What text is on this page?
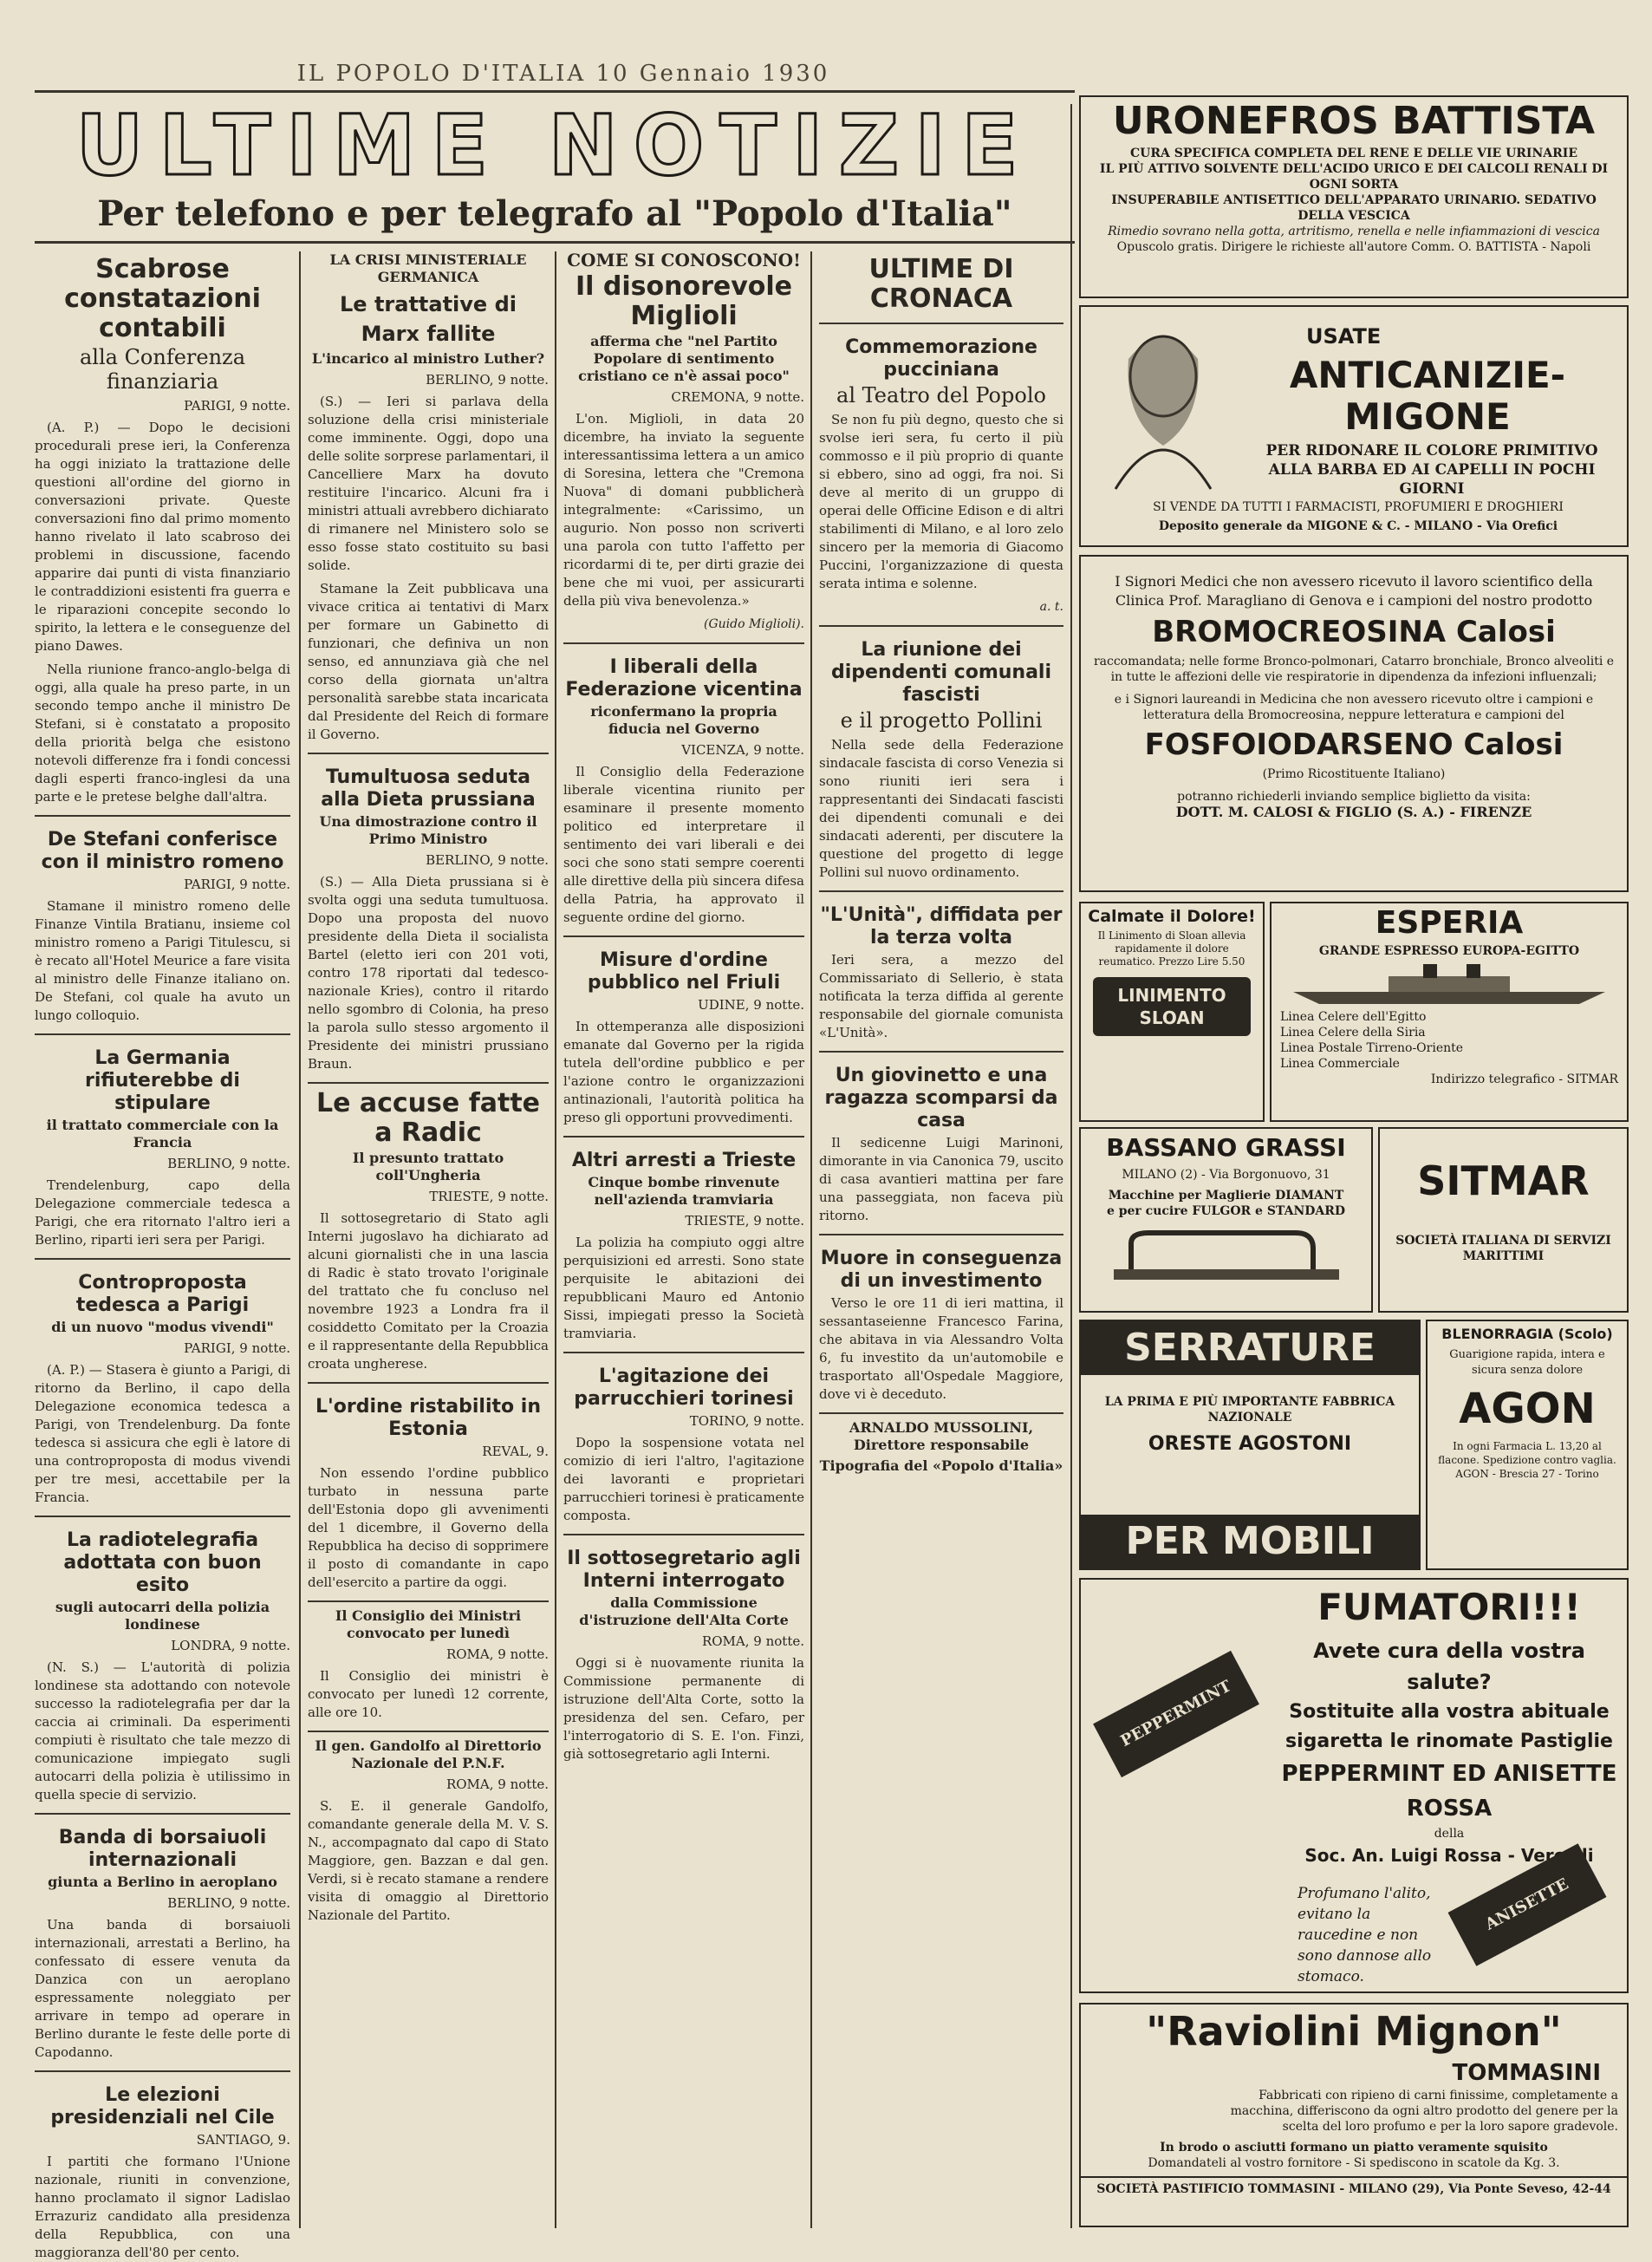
IL POPOLO D'ITALIA 10 Gennaio 1930
ULTIME NOTIZIE
Per telefono e per telegrafo al "Popolo d'Italia"
Scabrose constatazioni contabili
alla Conferenza finanziaria
PARIGI, 9 notte.

(A. P.) — Dopo le decisioni procedurali prese ieri, la Conferenza ha oggi iniziato la trattazione delle questioni all'ordine del giorno in conversazioni private. Queste conversazioni fino dal primo momento hanno rivelato il lato scabroso dei problemi in discussione, facendo apparire dai punti di vista finanziario le contraddizioni esistenti fra guerra e le riparazioni concepite secondo lo spirito, la lettera e le conseguenze del piano Dawes.

Nella riunione franco-anglo-belga di oggi, alla quale ha preso parte, in un secondo tempo anche il ministro De Stefani, si è constatato a proposito della priorità belga che esistono notevoli differenze fra i fondi concessi dagli esperti franco-inglesi da una parte e le pretese belghe dall'altra.

De Stefani conferisce con il ministro romeno
PARIGI, 9 notte.

Stamane il ministro romeno delle Finanze Vintila Bratianu, insieme col ministro romeno a Parigi Titulescu, si è recato all'Hotel Meurice a fare visita al ministro delle Finanze italiano on. De Stefani, col quale ha avuto un lungo colloquio.

La Germania rifiuterebbe di stipulare
il trattato commerciale con la Francia
BERLINO, 9 notte.

Trendelenburg, capo della Delegazione commerciale tedesca a Parigi, che era ritornato l'altro ieri a Berlino, riparti ieri sera per Parigi.

Controproposta tedesca a Parigi
di un nuovo "modus vivendi"
PARIGI, 9 notte.

(A. P.) — Stasera è giunto a Parigi, di ritorno da Berlino, il capo della Delegazione economica tedesca a Parigi, von Trendelenburg. Da fonte tedesca si assicura che egli è latore di una controproposta di modus vivendi per tre mesi, accettabile per la Francia.

La radiotelegrafia adottata con buon esito
sugli autocarri della polizia londinese
LONDRA, 9 notte.

(N. S.) — L'autorità di polizia londinese sta adottando con notevole successo la radiotelegrafia per dar la caccia ai criminali. Da esperimenti compiuti è risultato che tale mezzo di comunicazione impiegato sugli autocarri della polizia è utilissimo in quella specie di servizio.

Banda di borsaiuoli internazionali
giunta a Berlino in aeroplano
BERLINO, 9 notte.

Una banda di borsaiuoli internazionali, arrestati a Berlino, ha confessato di essere venuta da Danzica con un aeroplano espressamente noleggiato per arrivare in tempo ad operare in Berlino durante le feste delle porte di Capodanno.

Le elezioni presidenziali nel Cile
SANTIAGO, 9.

I partiti che formano l'Unione nazionale, riuniti in convenzione, hanno proclamato il signor Ladislao Errazuriz candidato alla presidenza della Repubblica, con una maggioranza dell'80 per cento.

LA CRISI MINISTERIALE GERMANICA
Le trattative di Marx fallite
L'incarico al ministro Luther?
BERLINO, 9 notte.

(S.) — Ieri si parlava della soluzione della crisi ministeriale come imminente. Oggi, dopo una delle solite sorprese parlamentari, il Cancelliere Marx ha dovuto restituire l'incarico. Alcuni fra i ministri attuali avrebbero dichiarato di rimanere nel Ministero solo se esso fosse stato costituito su basi solide.

Stamane la Zeit pubblicava una vivace critica ai tentativi di Marx per formare un Gabinetto di funzionari, che definiva un non senso, ed annunziava già che nel corso della giornata un'altra personalità sarebbe stata incaricata dal Presidente del Reich di formare il Governo.

Tumultuosa seduta alla Dieta prussiana
Una dimostrazione contro il Primo Ministro
BERLINO, 9 notte.

(S.) — Alla Dieta prussiana si è svolta oggi una seduta tumultuosa. Dopo una proposta del nuovo presidente della Dieta il socialista Bartel (eletto ieri con 201 voti, contro 178 riportati dal tedesco-nazionale Kries), contro il ritardo nello sgombro di Colonia, ha preso la parola sullo stesso argomento il Presidente dei ministri prussiano Braun.

Le accuse fatte a Radic
Il presunto trattato coll'Ungheria
TRIESTE, 9 notte.

Il sottosegretario di Stato agli Interni jugoslavo ha dichiarato ad alcuni giornalisti che in una lascia di Radic è stato trovato l'originale del trattato che fu concluso nel novembre 1923 a Londra fra il cosiddetto Comitato per la Croazia e il rappresentante della Repubblica croata ungherese.

L'ordine ristabilito in Estonia
REVAL, 9.

Non essendo l'ordine pubblico turbato in nessuna parte dell'Estonia dopo gli avvenimenti del 1 dicembre, il Governo della Repubblica ha deciso di sopprimere il posto di comandante in capo dell'esercito a partire da oggi.

Il Consiglio dei Ministri convocato per lunedì
ROMA, 9 notte.

Il Consiglio dei ministri è convocato per lunedì 12 corrente, alle ore 10.

Il gen. Gandolfo al Direttorio Nazionale del P.N.F.
ROMA, 9 notte.

S. E. il generale Gandolfo, comandante generale della M. V. S. N., accompagnato dal capo di Stato Maggiore, gen. Bazzan e dal gen. Verdi, si è recato stamane a rendere visita di omaggio al Direttorio Nazionale del Partito.

COME SI CONOSCONO!
Il disonorevole Miglioli
afferma che "nel Partito Popolare di sentimento cristiano ce n'è assai poco"
CREMONA, 9 notte.

L'on. Miglioli, in data 20 dicembre, ha inviato la seguente interessantissima lettera a un amico di Soresina, lettera che "Cremona Nuova" di domani pubblicherà integralmente: «Carissimo, un augurio. Non posso non scriverti una parola con tutto l'affetto per ricordarmi di te, per dirti grazie dei bene che mi vuoi, per assicurarti della più viva benevolenza.»

(Guido Miglioli).
I liberali della Federazione vicentina
riconfermano la propria fiducia nel Governo
VICENZA, 9 notte.

Il Consiglio della Federazione liberale vicentina riunito per esaminare il presente momento politico ed interpretare il sentimento dei vari liberali e dei soci che sono stati sempre coerenti alle direttive della più sincera difesa della Patria, ha approvato il seguente ordine del giorno.

Misure d'ordine pubblico nel Friuli
UDINE, 9 notte.

In ottemperanza alle disposizioni emanate dal Governo per la rigida tutela dell'ordine pubblico e per l'azione contro le organizzazioni antinazionali, l'autorità politica ha preso gli opportuni provvedimenti.

Altri arresti a Trieste
Cinque bombe rinvenute nell'azienda tramviaria
TRIESTE, 9 notte.

La polizia ha compiuto oggi altre perquisizioni ed arresti. Sono state perquisite le abitazioni dei repubblicani Mauro ed Antonio Sissi, impiegati presso la Società tramviaria.

L'agitazione dei parrucchieri torinesi
TORINO, 9 notte.

Dopo la sospensione votata nel comizio di ieri l'altro, l'agitazione dei lavoranti e proprietari parrucchieri torinesi è praticamente composta.

Il sottosegretario agli Interni interrogato
dalla Commissione d'istruzione dell'Alta Corte
ROMA, 9 notte.

Oggi si è nuovamente riunita la Commissione permanente di istruzione dell'Alta Corte, sotto la presidenza del sen. Cefaro, per l'interrogatorio di S. E. l'on. Finzi, già sottosegretario agli Interni.

ULTIME DI CRONACA
Commemorazione pucciniana
al Teatro del Popolo

Se non fu più degno, questo che si svolse ieri sera, fu certo il più commosso e il più proprio di quante si ebbero, sino ad oggi, fra noi. Si deve al merito di un gruppo di operai delle Officine Edison e di altri stabilimenti di Milano, e al loro zelo sincero per la memoria di Giacomo Puccini, l'organizzazione di questa serata intima e solenne.

a. t.
La riunione dei dipendenti comunali fascisti
e il progetto Pollini

Nella sede della Federazione sindacale fascista di corso Venezia si sono riuniti ieri sera i rappresentanti dei Sindacati fascisti dei dipendenti comunali e dei sindacati aderenti, per discutere la questione del progetto di legge Pollini sul nuovo ordinamento.

"L'Unità", diffidata per la terza volta

Ieri sera, a mezzo del Commissariato di Sellerio, è stata notificata la terza diffida al gerente responsabile del giornale comunista «L'Unità».

Un giovinetto e una ragazza scomparsi da casa

Il sedicenne Luigi Marinoni, dimorante in via Canonica 79, uscito di casa avantieri mattina per fare una passeggiata, non faceva più ritorno.

Muore in conseguenza di un investimento

Verso le ore 11 di ieri mattina, il sessantaseienne Francesco Farina, che abitava in via Alessandro Volta 6, fu investito da un'automobile e trasportato all'Ospedale Maggiore, dove vi è deceduto.

ARNALDO MUSSOLINI, Direttore responsabile
Tipografia del «Popolo d'Italia»
URONEFROS BATTISTA
CURA SPECIFICA COMPLETA DEL RENE E DELLE VIE URINARIE
IL PIÙ ATTIVO SOLVENTE DELL'ACIDO URICO E DEI CALCOLI RENALI DI OGNI SORTA
INSUPERABILE ANTISETTICO DELL'APPARATO URINARIO. SEDATIVO DELLA VESCICA
Rimedio sovrano nella gotta, artritismo, renella e nelle infiammazioni di vescica
Opuscolo gratis. Dirigere le richieste all'autore Comm. O. BATTISTA - Napoli
USATE
ANTICANIZIE-MIGONE
PER RIDONARE IL COLORE PRIMITIVO ALLA BARBA ED AI CAPELLI IN POCHI GIORNI
SI VENDE DA TUTTI I FARMACISTI, PROFUMIERI E DROGHIERI
Deposito generale da MIGONE & C. - MILANO - Via Orefici
I Signori Medici che non avessero ricevuto il lavoro scientifico della Clinica Prof. Maragliano di Genova e i campioni del nostro prodotto
BROMOCREOSINA Calosi
raccomandata; nelle forme Bronco-polmonari, Catarro bronchiale, Bronco alveoliti e in tutte le affezioni delle vie respiratorie in dipendenza da infezioni influenzali;
e i Signori laureandi in Medicina che non avessero ricevuto oltre i campioni e letteratura della Bromocreosina, neppure letteratura e campioni del
FOSFOIODARSENO Calosi
(Primo Ricostituente Italiano)
potranno richiederli inviando semplice biglietto da visita:
DOTT. M. CALOSI & FIGLIO (S. A.) - FIRENZE
Calmate il Dolore!
Il Linimento di Sloan allevia rapidamente il dolore reumatico. Prezzo Lire 5.50
LINIMENTO SLOAN
ESPERIA
GRANDE ESPRESSO EUROPA-EGITTO
Linea Celere dell'Egitto
Linea Celere della Siria
Linea Postale Tirreno-Oriente
Linea Commerciale
Indirizzo telegrafico - SITMAR
BASSANO GRASSI
MILANO (2) - Via Borgonuovo, 31
Macchine per Maglierie DIAMANT
e per cucire FULGOR e STANDARD
SITMAR
SOCIETÀ ITALIANA DI SERVIZI MARITTIMI
SERRATURE
LA PRIMA E PIÙ IMPORTANTE FABBRICA NAZIONALE
ORESTE AGOSTONI
PER MOBILI
BLENORRAGIA (Scolo)
Guarigione rapida, intera e sicura senza dolore
AGON
In ogni Farmacia L. 13,20 al flacone. Spedizione contro vaglia. AGON - Brescia 27 - Torino
FUMATORI!!!
Avete cura della vostra salute?
Sostituite alla vostra abituale
sigaretta le rinomate Pastiglie
PEPPERMINT ED ANISETTE ROSSA
della
Soc. An. Luigi Rossa - Vercelli
Profumano l'alito, evitano la raucedine e non sono dannose allo stomaco.
PEPPERMINT ROSSA
ANISETTE ROSSA
"Raviolini Mignon"
TOMMASINI
Fabbricati con ripieno di carni finissime, completamente a macchina, differiscono da ogni altro prodotto del genere per la scelta del loro profumo e per la loro sapore gradevole.
In brodo o asciutti formano un piatto veramente squisito
Domandateli al vostro fornitore - Si spediscono in scatole da Kg. 3.
SOCIETÀ PASTIFICIO TOMMASINI - MILANO (29), Via Ponte Seveso, 42-44
